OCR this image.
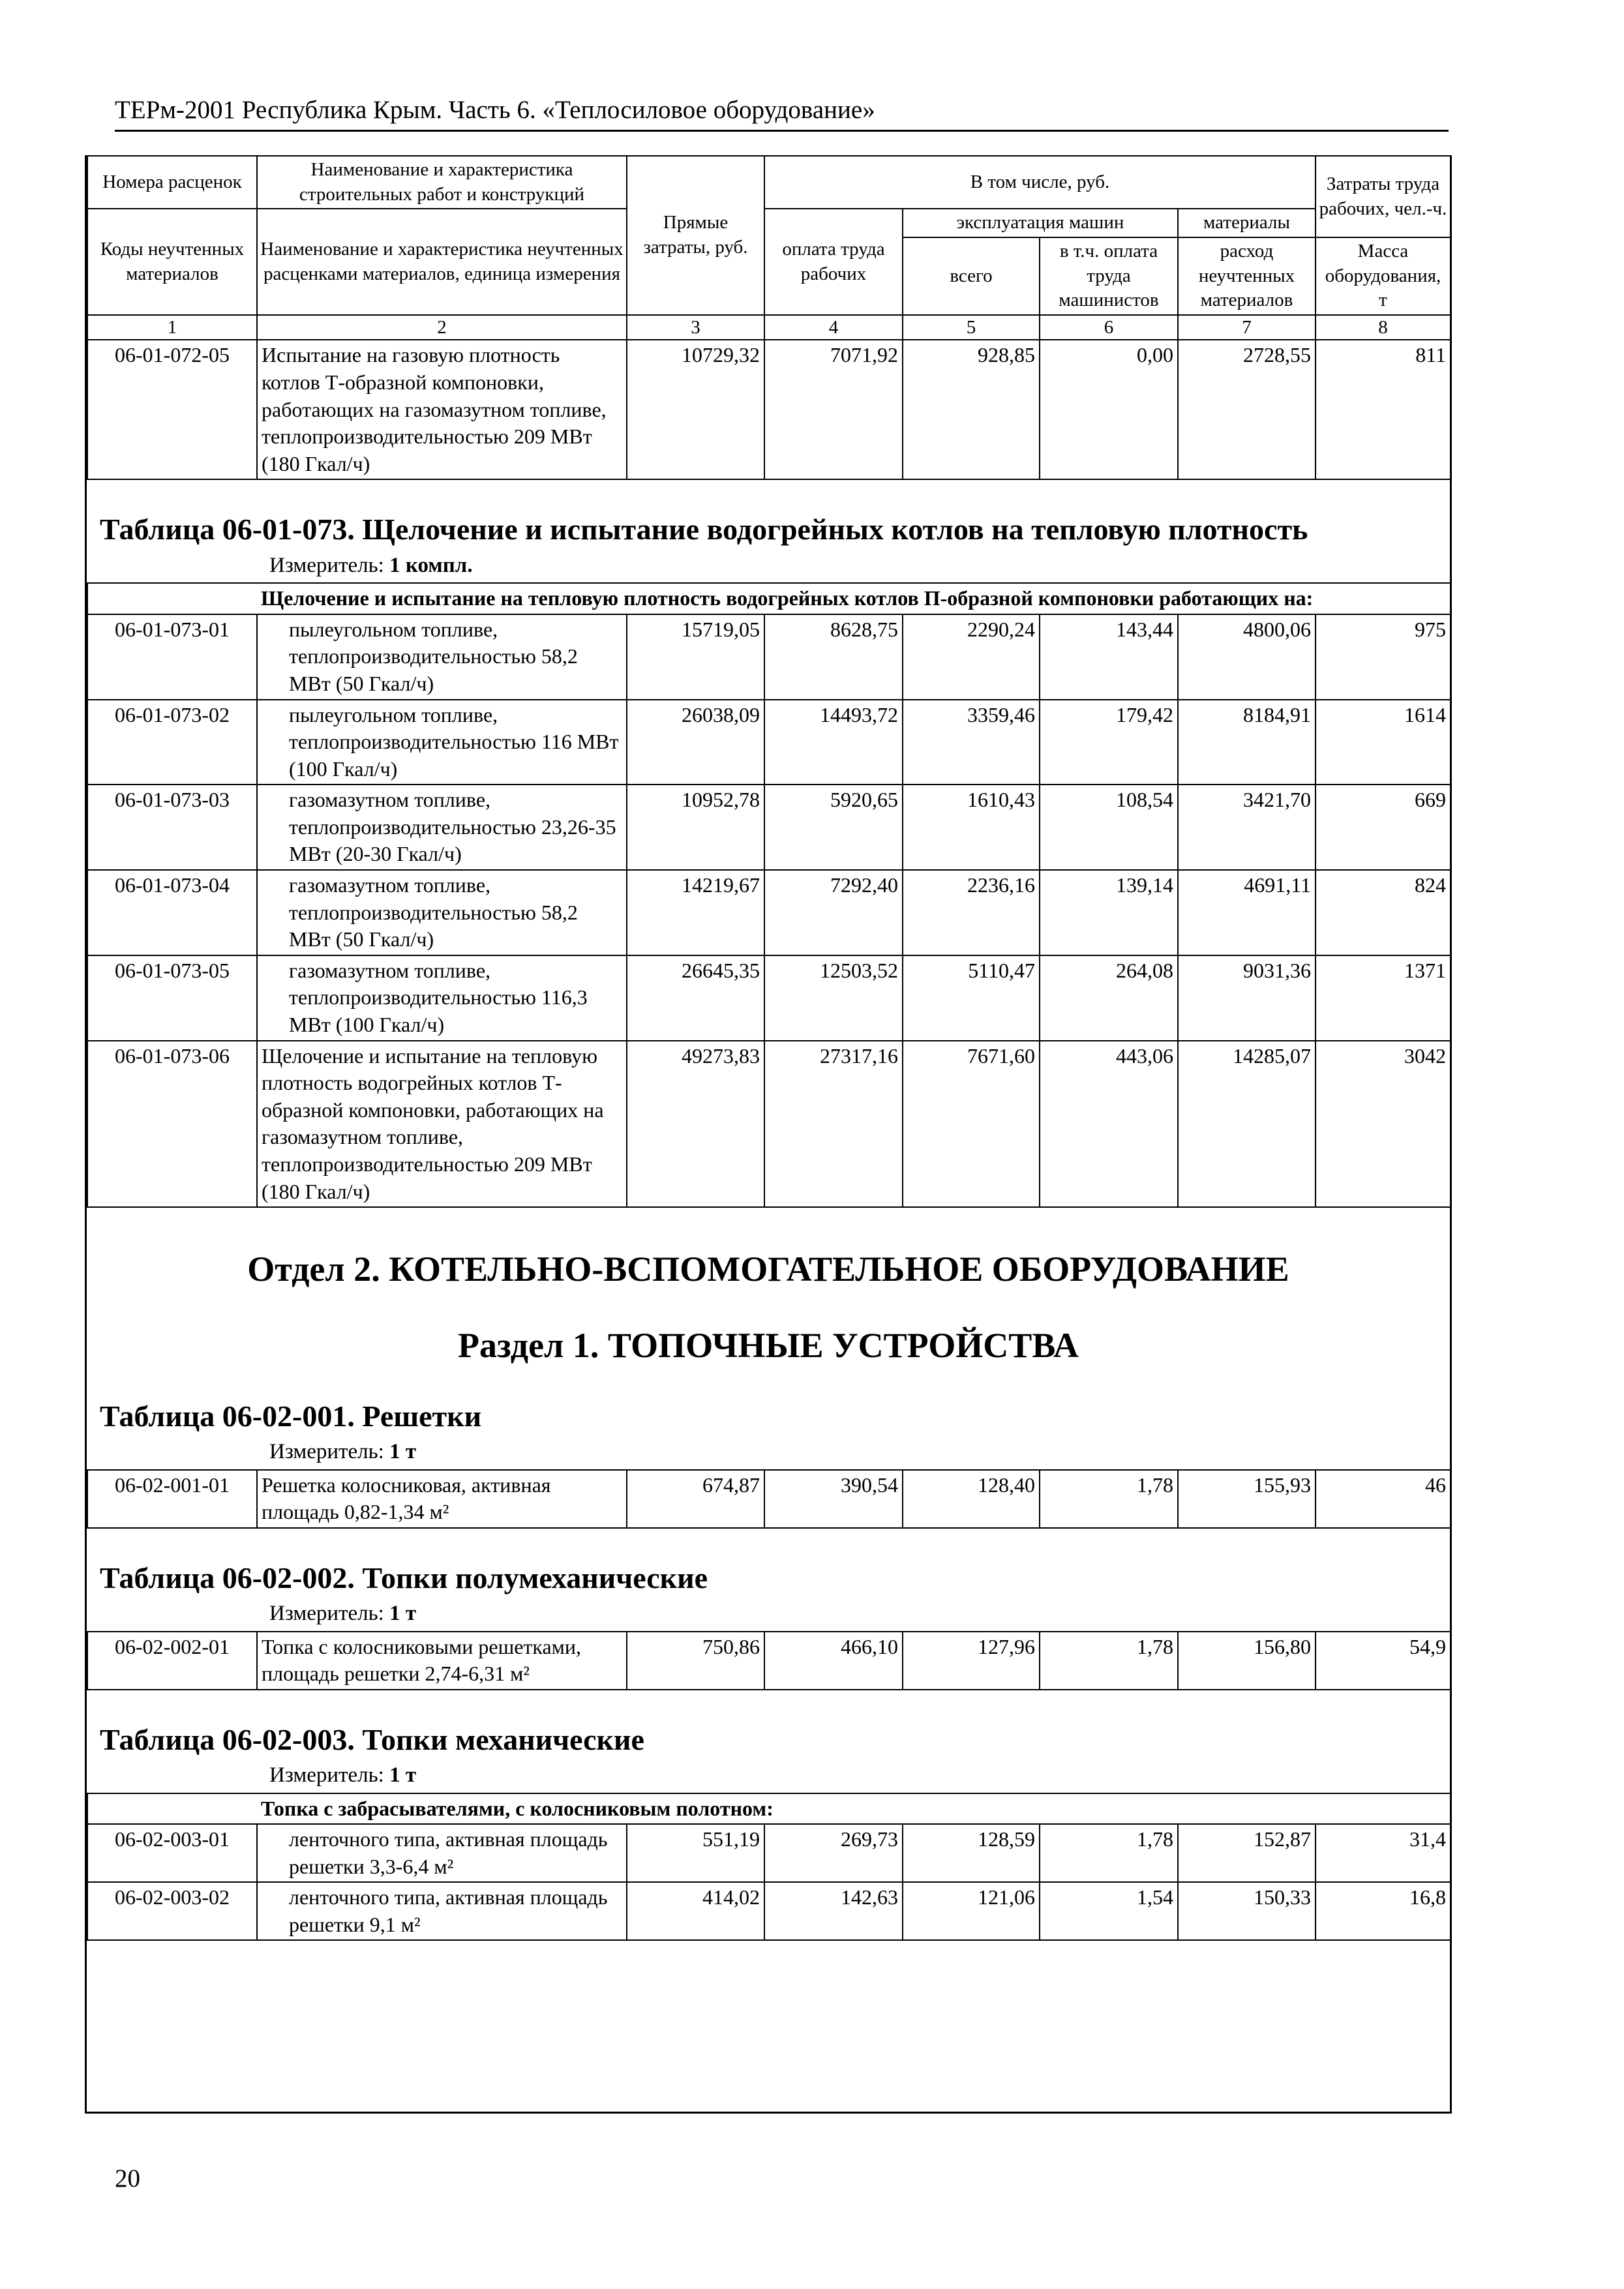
ТЕРм-2001 Республика Крым. Часть 6. «Теплосиловое оборудование»
Номера расценок	Наименование и характеристика строительных работ и конструкций	Прямые затраты, руб.	В том числе, руб.				Затраты труда рабочих, чел.-ч.
Коды неучтенных материалов	Наименование и характеристика неучтенных расценками материалов, единица измерения		оплата труда рабочих	эксплуатация машин		материалы	
				всего	в т.ч. оплата труда машинистов	расход неучтенных материалов	Масса оборудования, т
1	2	3	4	5	6	7	8
06-01-072-05	Испытание на газовую плотность котлов Т-образной компоновки, работающих на газомазутном топливе, теплопроизводительностью 209 МВт (180 Гкал/ч)	10729,32	7071,92	928,85	0,00	2728,55	811
Таблица 06-01-073. Щелочение и испытание водогрейных котлов на тепловую плотность
Измеритель: 1 компл.
	Щелочение и испытание на тепловую плотность водогрейных котлов П-образной компоновки работающих на:						
06-01-073-01	пылеугольном топливе, теплопроизводительностью 58,2 МВт (50 Гкал/ч)	15719,05	8628,75	2290,24	143,44	4800,06	975
06-01-073-02	пылеугольном топливе, теплопроизводительностью 116 МВт (100 Гкал/ч)	26038,09	14493,72	3359,46	179,42	8184,91	1614
06-01-073-03	газомазутном топливе, теплопроизводительностью 23,26-35 МВт (20-30 Гкал/ч)	10952,78	5920,65	1610,43	108,54	3421,70	669
06-01-073-04	газомазутном топливе, теплопроизводительностью 58,2 МВт (50 Гкал/ч)	14219,67	7292,40	2236,16	139,14	4691,11	824
06-01-073-05	газомазутном топливе, теплопроизводительностью 116,3 МВт (100 Гкал/ч)	26645,35	12503,52	5110,47	264,08	9031,36	1371
06-01-073-06	Щелочение и испытание на тепловую плотность водогрейных котлов Т-образной компоновки, работающих на газомазутном топливе, теплопроизводительностью 209 МВт (180 Гкал/ч)	49273,83	27317,16	7671,60	443,06	14285,07	3042
Отдел 2. КОТЕЛЬНО-ВСПОМОГАТЕЛЬНОЕ ОБОРУДОВАНИЕ
Раздел 1. ТОПОЧНЫЕ УСТРОЙСТВА
Таблица 06-02-001. Решетки
Измеритель: 1 т
06-02-001-01	Решетка колосниковая, активная площадь 0,82-1,34 м²	674,87	390,54	128,40	1,78	155,93	46
Таблица 06-02-002. Топки полумеханические
Измеритель: 1 т
06-02-002-01	Топка с колосниковыми решетками, площадь решетки 2,74-6,31 м²	750,86	466,10	127,96	1,78	156,80	54,9
Таблица 06-02-003. Топки механические
Измеритель: 1 т
	Топка с забрасывателями, с колосниковым полотном:						
06-02-003-01	ленточного типа, активная площадь решетки 3,3-6,4 м²	551,19	269,73	128,59	1,78	152,87	31,4
06-02-003-02	ленточного типа, активная площадь решетки 9,1 м²	414,02	142,63	121,06	1,54	150,33	16,8
20
